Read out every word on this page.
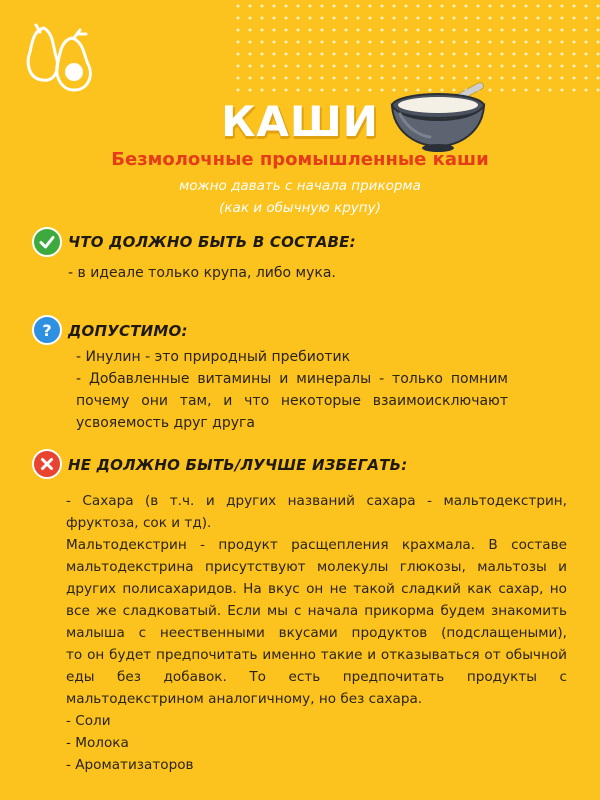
КАШИ
Безмолочные промышленные каши
можно давать с начала прикорма
(как и обычную крупу)
ЧТО ДОЛЖНО БЫТЬ В СОСТАВЕ:
- в идеале только крупа, либо мука.
? ДОПУСТИМО:
- Инулин - это природный пребиотик
- Добавленные витамины и минералы - только помним
почему они там, и что некоторые взаимоисключают
усвояемость друг друга
НЕ ДОЛЖНО БЫТЬ/ЛУЧШЕ ИЗБЕГАТЬ:
- Сахара (в т.ч. и других названий сахара - мальтодекстрин,
фруктоза, сок и тд).
Мальтодекстрин - продукт расщепления крахмала. В составе
мальтодекстрина присутствуют молекулы глюкозы, мальтозы и
других полисахаридов. На вкус он не такой сладкий как сахар, но
все же сладковатый. Если мы с начала прикорма будем знакомить
малыша с неественными вкусами продуктов (подслащеными),
то он будет предпочитать именно такие и отказываться от обычной
еды без добавок. То есть предпочитать продукты с
мальтодекстрином аналогичному, но без сахара.
- Соли
- Молока
- Ароматизаторов
